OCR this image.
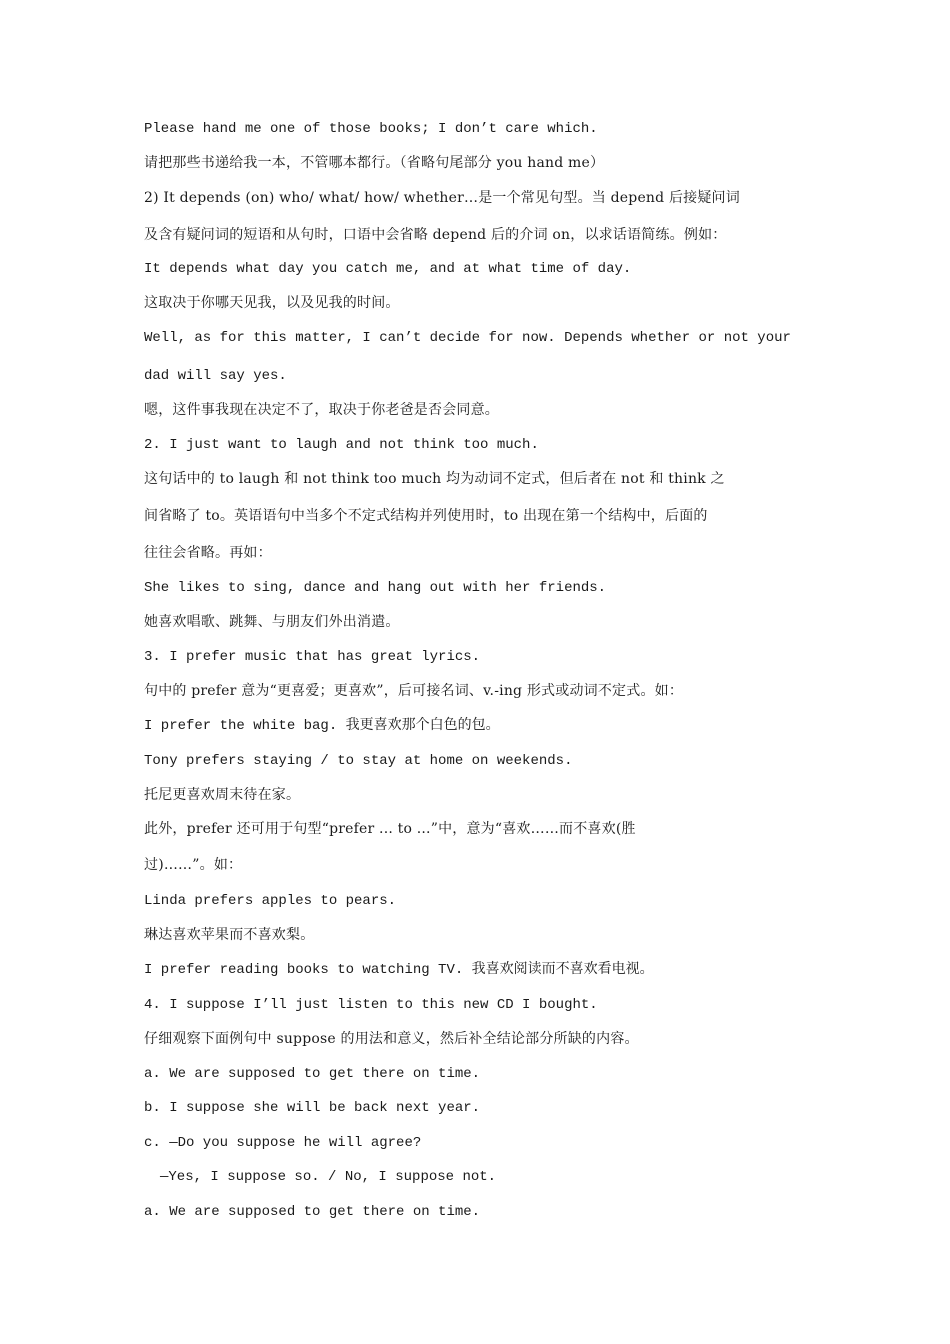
Please hand me one of those books; I don’t care which.
请把那些书递给我一本，不管哪本都行。（省略句尾部分 you hand me）
2) It depends (on) who/ what/ how/ whether…是一个常见句型。当 depend 后接疑问词
及含有疑问词的短语和从句时，口语中会省略 depend 后的介词 on，以求话语简练。例如：
It depends what day you catch me, and at what time of day.
这取决于你哪天见我，以及见我的时间。
Well, as for this matter, I can’t decide for now. Depends whether or not your
dad will say yes.
嗯，这件事我现在决定不了，取决于你老爸是否会同意。
2. I just want to laugh and not think too much.
这句话中的 to laugh 和 not think too much 均为动词不定式，但后者在 not 和 think 之
间省略了 to。英语语句中当多个不定式结构并列使用时，to 出现在第一个结构中，后面的
往往会省略。再如：
She likes to sing, dance and hang out with her friends.
她喜欢唱歌、跳舞、与朋友们外出消遣。
3. I prefer music that has great lyrics.
句中的 prefer 意为“更喜爱；更喜欢”，后可接名词、v.-ing 形式或动词不定式。如：
I prefer the white bag. 我更喜欢那个白色的包。
Tony prefers staying / to stay at home on weekends.
托尼更喜欢周末待在家。
此外，prefer 还可用于句型“prefer ... to ...”中，意为“喜欢……而不喜欢(胜
过)……”。如：
Linda prefers apples to pears.
琳达喜欢苹果而不喜欢梨。
I prefer reading books to watching TV. 我喜欢阅读而不喜欢看电视。
4. I suppose I’ll just listen to this new CD I bought.
仔细观察下面例句中 suppose 的用法和意义，然后补全结论部分所缺的内容。
a. We are supposed to get there on time.
b. I suppose she will be back next year.
c. —Do you suppose he will agree?
—Yes, I suppose so. / No, I suppose not.
a. We are supposed to get there on time.
